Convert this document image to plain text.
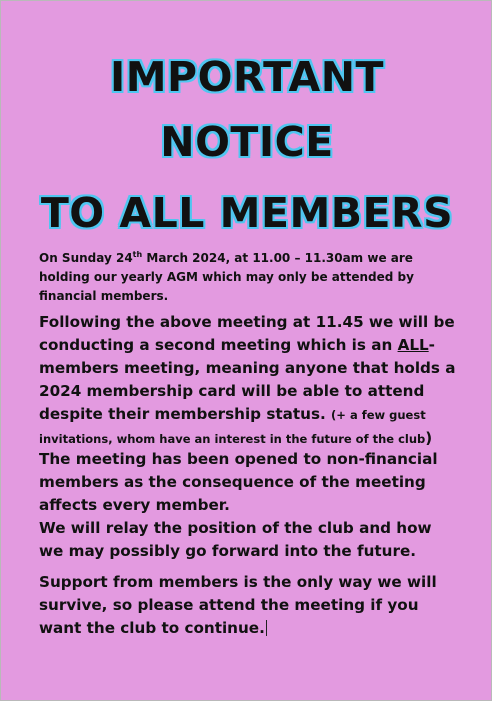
IMPORTANT
NOTICE
TO ALL MEMBERS

On Sunday 24th March 2024, at 11.00 – 11.30am we are holding our yearly AGM which may only be attended by financial members.

Following the above meeting at 11.45 we will be conducting a second meeting which is an ALL-members meeting, meaning anyone that holds a 2024 membership card will be able to attend despite their membership status. (+ a few guest invitations, whom have an interest in the future of the club)

The meeting has been opened to non-financial members as the consequence of the meeting affects every member.

We will relay the position of the club and how we may possibly go forward into the future.

Support from members is the only way we will survive, so please attend the meeting if you want the club to continue.
